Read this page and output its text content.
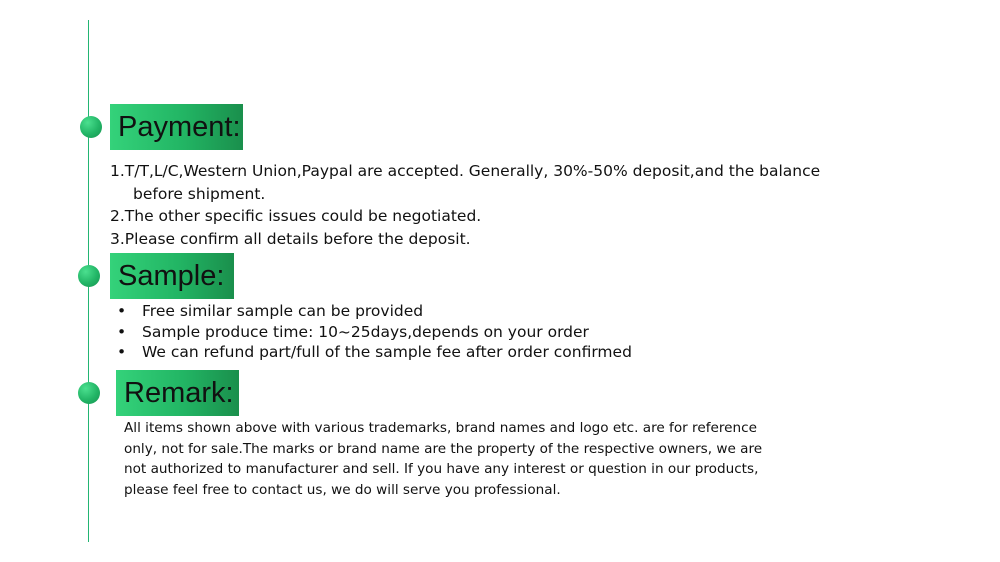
Payment:
1.T/T,L/C,Western Union,Paypal are accepted. Generally, 30%-50% deposit,and the balance
before shipment.
2.The other specific issues could be negotiated.
3.Please confirm all details before the deposit.
Sample:
• Free similar sample can be provided
• Sample produce time: 10~25days,depends on your order
• We can refund part/full of the sample fee after order confirmed
Remark:
All items shown above with various trademarks, brand names and logo etc. are for reference
only, not for sale.The marks or brand name are the property of the respective owners, we are
not authorized to manufacturer and sell. If you have any interest or question in our products,
please feel free to contact us, we do will serve you professional.
